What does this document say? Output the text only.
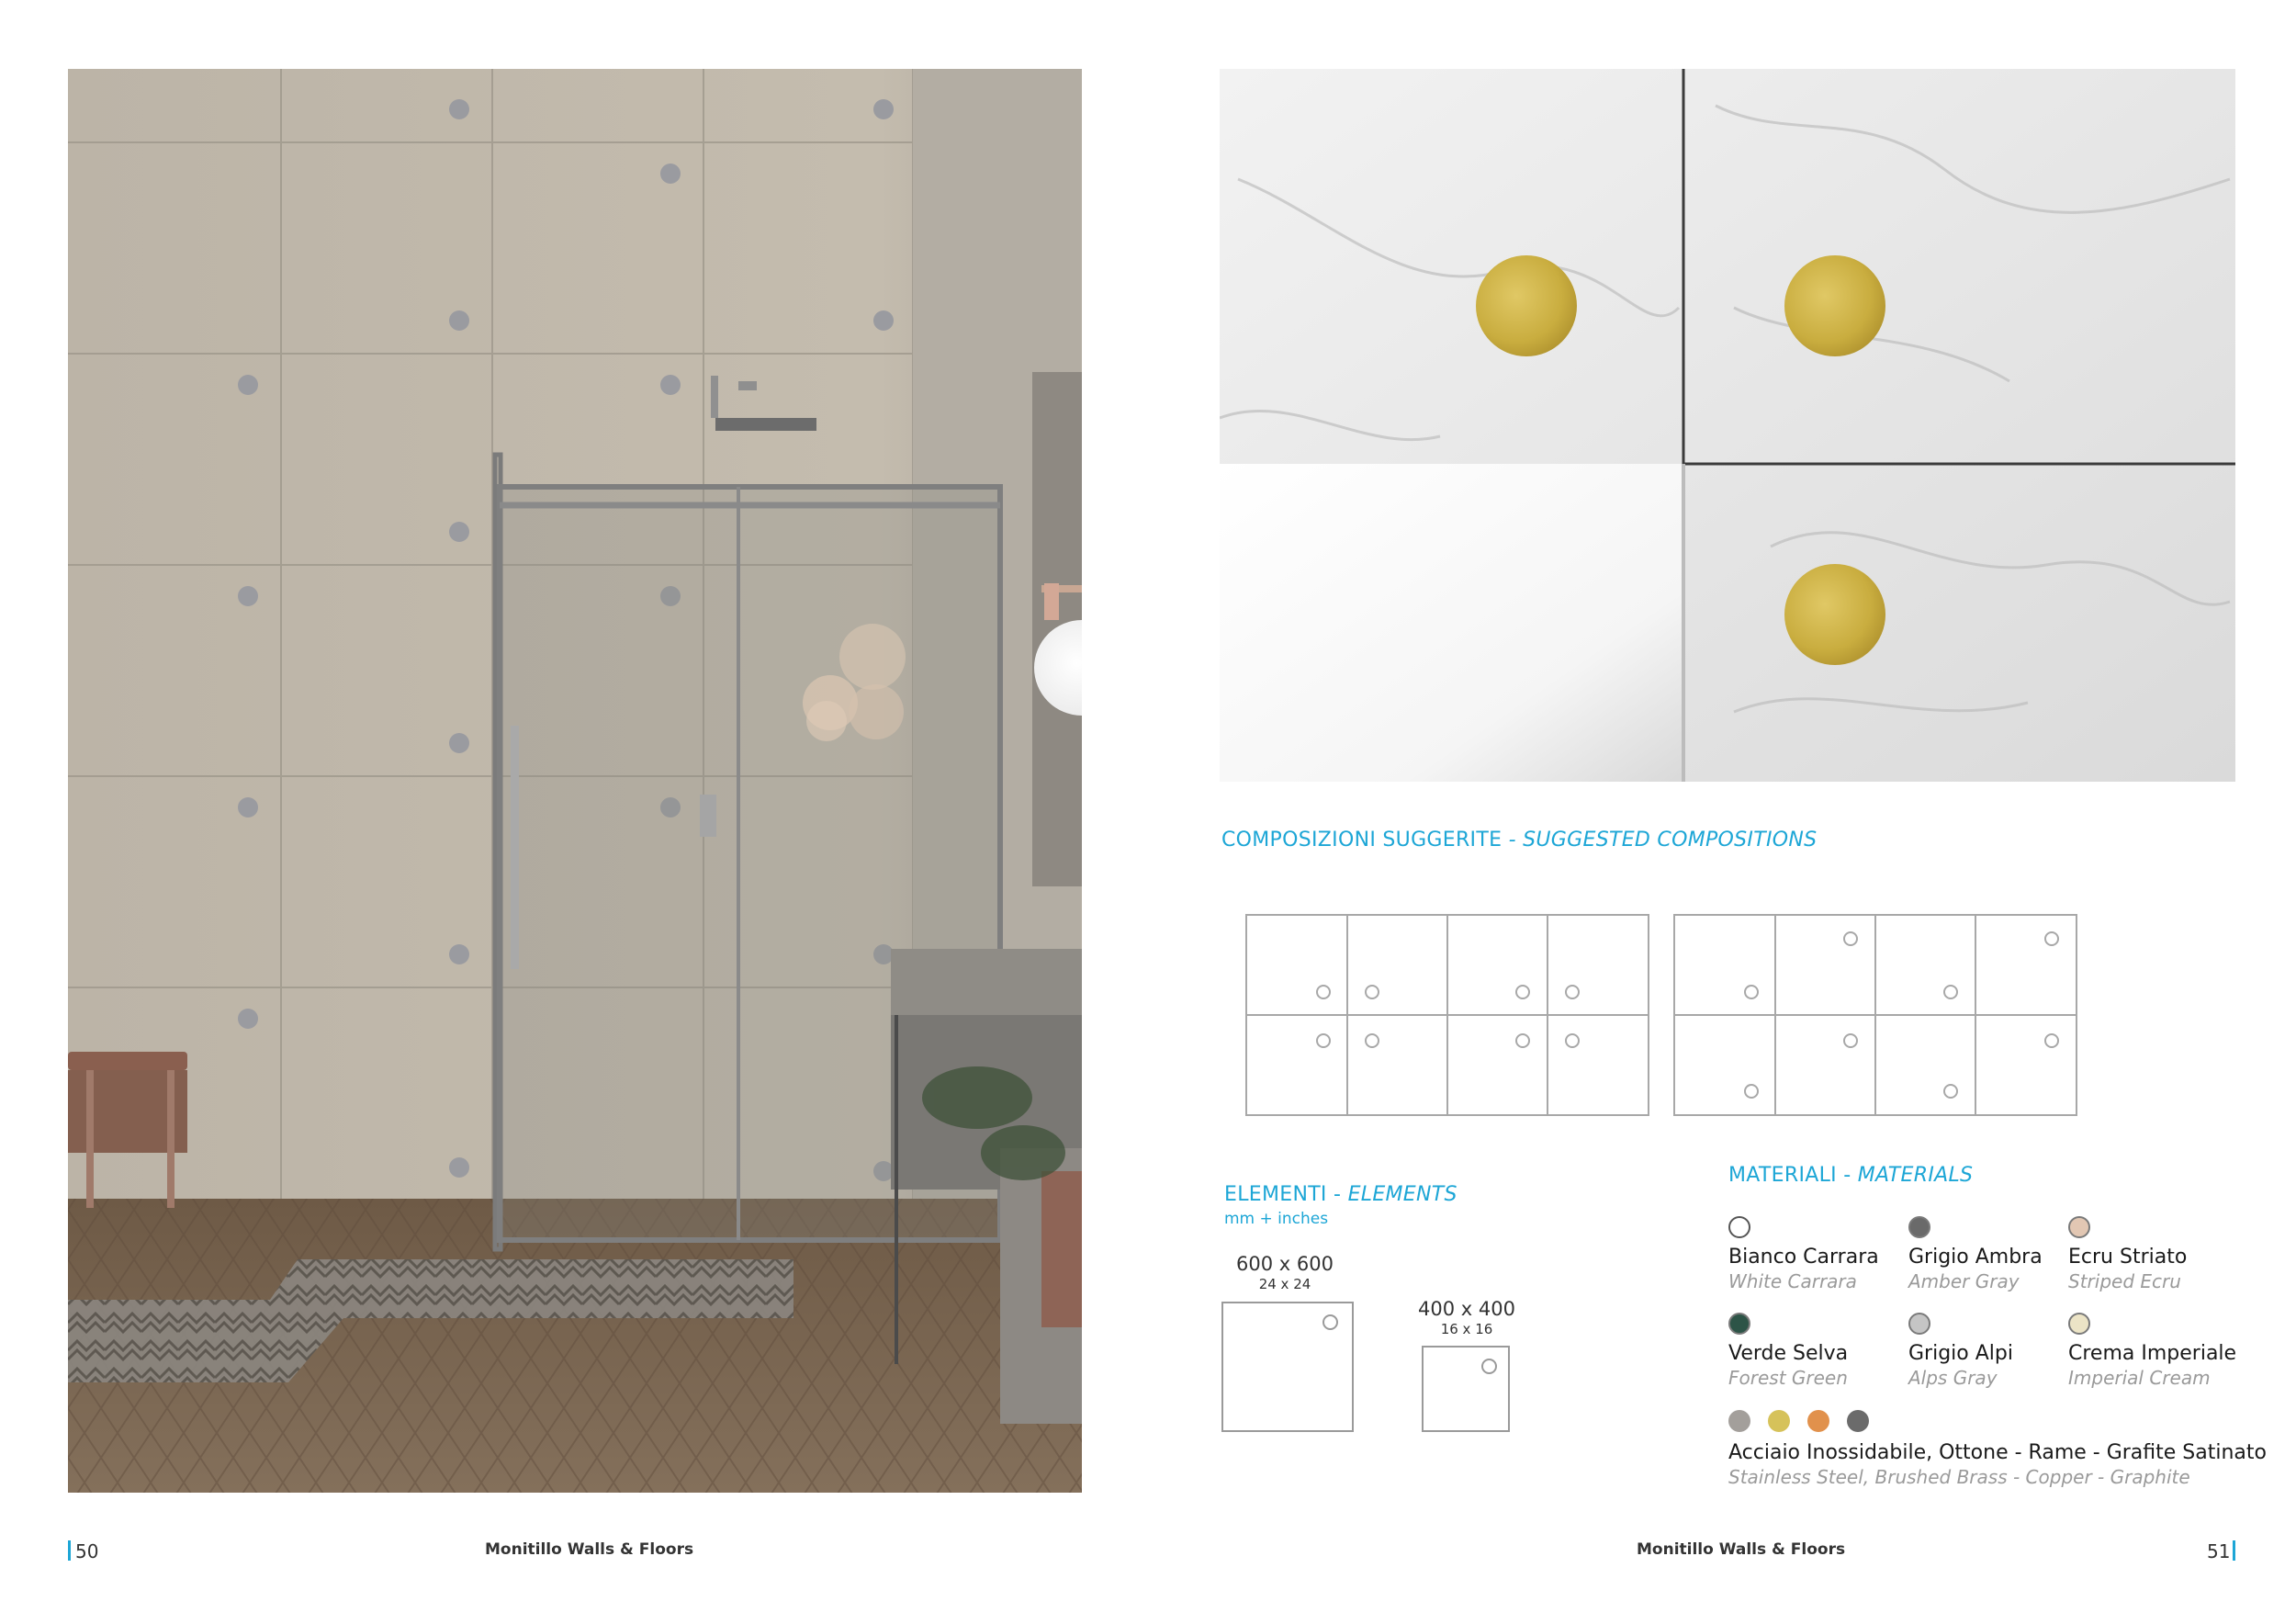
COMPOSIZIONI SUGGERITE - SUGGESTED COMPOSITIONS
ELEMENTI - ELEMENTS
mm + inches
600 x 600
24 x 24
400 x 400
16 x 16
MATERIALI - MATERIALS
Bianco Carrara
White Carrara
Grigio Ambra
Amber Gray
Ecru Striato
Striped Ecru
Verde Selva
Forest Green
Grigio Alpi
Alps Gray
Crema Imperiale
Imperial Cream
Acciaio Inossidabile, Ottone - Rame - Grafite Satinato
Stainless Steel, Brushed Brass - Copper - Graphite
50	Monitillo Walls & Floors	Monitillo Walls & Floors	51
